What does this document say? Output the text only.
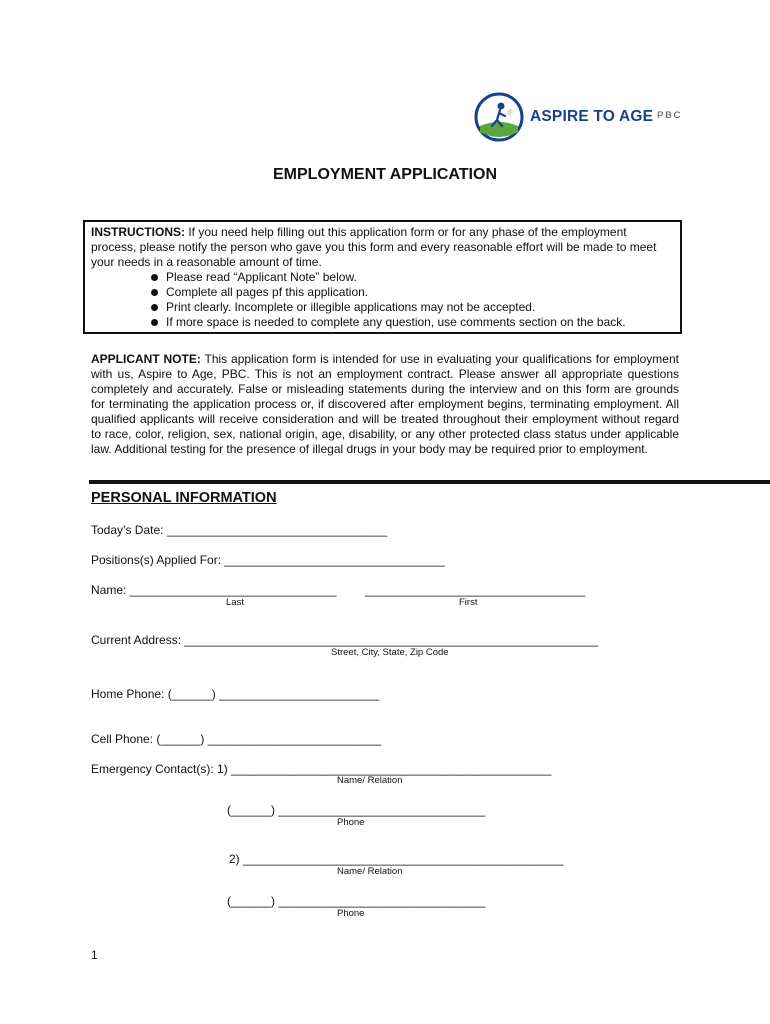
ASPIRE TO AGE PBC
EMPLOYMENT APPLICATION
INSTRUCTIONS: If you need help filling out this application form or for any phase of the employment process, please notify the person who gave you this form and every reasonable effort will be made to meet your needs in a reasonable amount of time.
Please read “Applicant Note” below.
Complete all pages pf this application.
Print clearly. Incomplete or illegible applications may not be accepted.
If more space is needed to complete any question, use comments section on the back.
APPLICANT NOTE: This application form is intended for use in evaluating your qualifications for employment with us, Aspire to Age, PBC. This is not an employment contract. Please answer all appropriate questions completely and accurately. False or misleading statements during the interview and on this form are grounds for terminating the application process or, if discovered after employment begins, terminating employment. All qualified applicants will receive consideration and will be treated throughout their employment without regard to race, color, religion, sex, national origin, age, disability, or any other protected class status under applicable law. Additional testing for the presence of illegal drugs in your body may be required prior to employment.
PERSONAL INFORMATION
Today’s Date: _________________________________
Positions(s) Applied For: _________________________________
Name: _______________________________ _________________________________
Last	First
Current Address: ______________________________________________________________
Street, City, State, Zip Code
Home Phone: (______) ________________________
Cell Phone: (______) __________________________
Emergency Contact(s): 1) ________________________________________________
Name/ Relation
(______) _______________________________
Phone
2) ________________________________________________
Name/ Relation
(______) _______________________________
Phone
1
